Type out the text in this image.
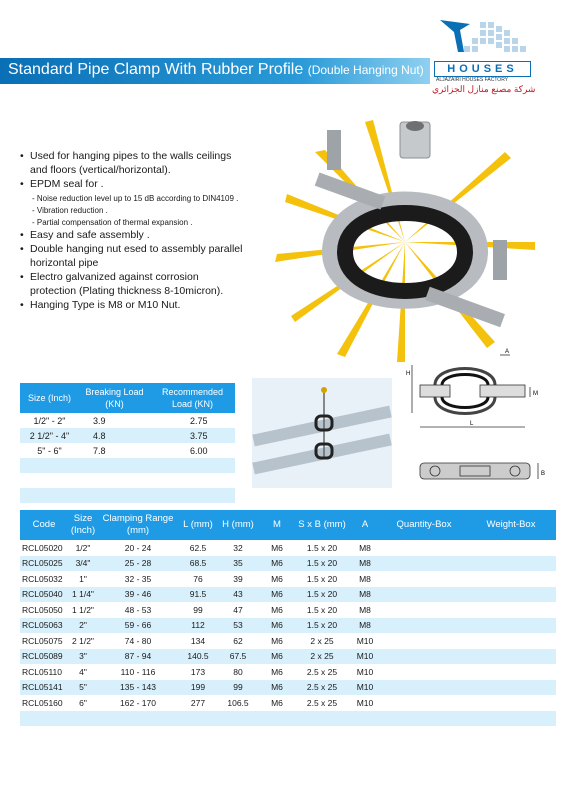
Standard Pipe Clamp With Rubber Profile (Double Hanging Nut)	HOUSES
ALJAZAIRI HOUSES FACTORY
شركة مصنع منازل الجزائري
• Used for hanging pipes to the walls ceilings and floors (vertical/horizontal).
• EPDM seal for .
- Noise reduction level up to 15 dB according to DIN4109 .
- Vibration reduction .
- Partial compensation of thermal expansion .
• Easy and safe assembly .
• Double hanging nut esed to assembly parallel horizontal pipe
• Electro galvanized against corrosion protection (Plating thickness 8-10micron).
• Hanging Type is M8 or M10 Nut.
A
H
M
L
B
Size (Inch)	Breaking Load (KN)	Recommended Load (KN)
1/2" - 2"	3.9	2.75
2 1/2" - 4"	4.8	3.75
5" - 6"	7.8	6.00

Code	Size (Inch)	Clamping Range (mm)	L (mm)	H (mm)	M	S x B (mm)	A	Quantity-Box	Weight-Box
RCL05020	1/2"	20 - 24	62.5	32	M6	1.5 x 20	M8		
RCL05025	3/4"	25 - 28	68.5	35	M6	1.5 x 20	M8		
RCL05032	1"	32 - 35	76	39	M6	1.5 x 20	M8		
RCL05040	1 1/4"	39 - 46	91.5	43	M6	1.5 x 20	M8		
RCL05050	1 1/2"	48 - 53	99	47	M6	1.5 x 20	M8		
RCL05063	2"	59 - 66	112	53	M6	1.5 x 20	M8		
RCL05075	2 1/2"	74 - 80	134	62	M6	2 x 25	M10		
RCL05089	3"	87 - 94	140.5	67.5	M6	2 x 25	M10		
RCL05110	4"	110 - 116	173	80	M6	2.5 x 25	M10		
RCL05141	5"	135 - 143	199	99	M6	2.5 x 25	M10		
RCL05160	6"	162 - 170	277	106.5	M6	2.5 x 25	M10		
